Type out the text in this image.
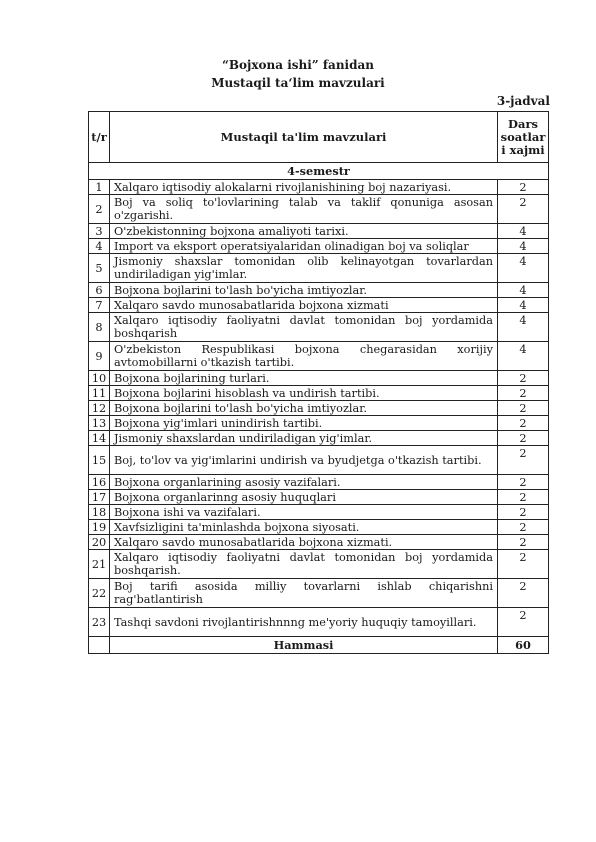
“Bojxona ishi” fanidan
Mustaqil ta‘lim mavzulari
3-jadval
t/r	Mustaqil ta'lim mavzulari	Dars soatlar i xajmi
4-semestr		
1	Xalqaro iqtisodiy alokalarni rivojlanishining boj nazariyasi.	2
2	Boj va soliq to'lovlarining talab va taklif qonuniga asosan o'zgarishi.	2
3	O'zbekistonning bojxona amaliyoti tarixi.	4
4	Import va eksport operatsiyalaridan olinadigan boj va soliqlar	4
5	Jismoniy shaxslar tomonidan olib kelinayotgan tovarlardan undiriladigan yig'imlar.	4
6	Bojxona bojlarini to'lash bo'yicha imtiyozlar.	4
7	Xalqaro savdo munosabatlarida bojxona xizmati	4
8	Xalqaro iqtisodiy faoliyatni davlat tomonidan boj yordamida boshqarish	4
9	O'zbekiston Respublikasi bojxona chegarasidan xorijiy avtomobillarni o'tkazish tartibi.	4
10	Bojxona bojlarining turlari.	2
11	Bojxona bojlarini hisoblash va undirish tartibi.	2
12	Bojxona bojlarini to'lash bo'yicha imtiyozlar.	2
13	Bojxona yig'imlari unindirish tartibi.	2
14	Jismoniy shaxslardan undiriladigan yig'imlar.	2
15	Boj, to'lov va yig'imlarini undirish va byudjetga o'tkazish tartibi.	2
16	Bojxona organlarining asosiy vazifalari.	2
17	Bojxona organlarinng asosiy huquqlari	2
18	Bojxona ishi va vazifalari.	2
19	Xavfsizligini ta'minlashda bojxona siyosati.	2
20	Xalqaro savdo munosabatlarida bojxona xizmati.	2
21	Xalqaro iqtisodiy faoliyatni davlat tomonidan boj yordamida boshqarish.	2
22	Boj tarifi asosida milliy tovarlarni ishlab chiqarishni rag'batlantirish	2
23	Tashqi savdoni rivojlantirishnnng me'yoriy huquqiy tamoyillari.	2
	Hammasi	60
